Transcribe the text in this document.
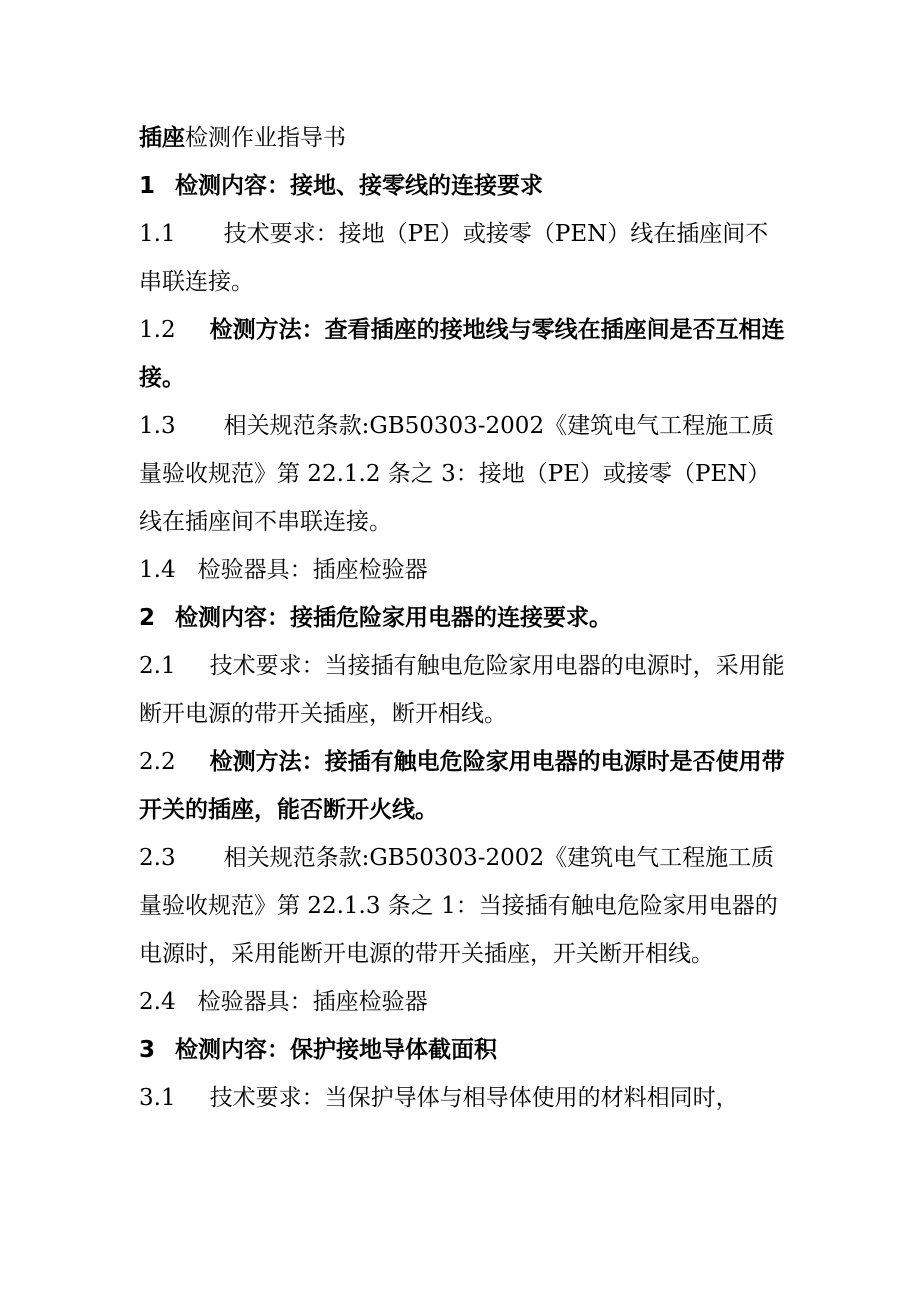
插座检测作业指导书

1 检测内容：接地、接零线的连接要求

1.1 技术要求：接地（PE）或接零（PEN）线在插座间不串联连接。

1.2 检测方法：查看插座的接地线与零线在插座间是否互相连接。

1.3 相关规范条款:GB50303-2002《建筑电气工程施工质量验收规范》第 22.1.2 条之 3：接地（PE）或接零（PEN）线在插座间不串联连接。

1.4 检验器具：插座检验器

2 检测内容：接插危险家用电器的连接要求。

2.1 技术要求：当接插有触电危险家用电器的电源时，采用能断开电源的带开关插座，断开相线。

2.2 检测方法：接插有触电危险家用电器的电源时是否使用带开关的插座，能否断开火线。

2.3 相关规范条款:GB50303-2002《建筑电气工程施工质量验收规范》第 22.1.3 条之 1：当接插有触电危险家用电器的电源时，采用能断开电源的带开关插座，开关断开相线。

2.4 检验器具：插座检验器

3 检测内容：保护接地导体截面积

3.1 技术要求：当保护导体与相导体使用的材料相同时，
